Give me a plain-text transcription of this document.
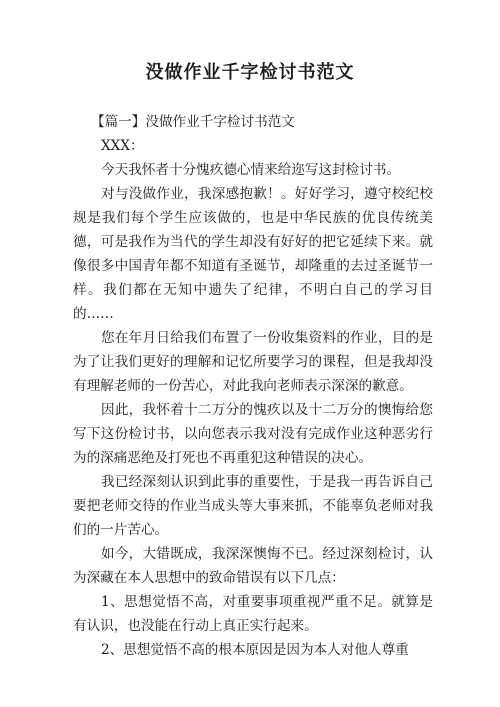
没做作业千字检讨书范文

【篇一】没做作业千字检讨书范文

XXX：

今天我怀者十分愧疚德心情来给迩写这封检讨书。

对与没做作业，我深感抱歉！。好好学习，遵守校纪校规是我们每个学生应该做的，也是中华民族的优良传统美德，可是我作为当代的学生却没有好好的把它延续下来。就像很多中国青年都不知道有圣诞节，却隆重的去过圣诞节一样。我们都在无知中遗失了纪律，不明白自己的学习目的……

您在年月日给我们布置了一份收集资料的作业，目的是为了让我们更好的理解和记忆所要学习的课程，但是我却没有理解老师的一份苦心，对此我向老师表示深深的歉意。

因此，我怀着十二万分的愧疚以及十二万分的懊悔给您写下这份检讨书，以向您表示我对没有完成作业这种恶劣行为的深痛恶绝及打死也不再重犯这种错误的决心。

我已经深刻认识到此事的重要性，于是我一再告诉自己要把老师交待的作业当成头等大事来抓，不能辜负老师对我们的一片苦心。

如今，大错既成，我深深懊悔不已。经过深刻检讨，认为深藏在本人思想中的致命错误有以下几点：

1、思想觉悟不高，对重要事项重视严重不足。就算是有认识，也没能在行动上真正实行起来。

2、思想觉悟不高的根本原因是因为本人对他人尊重
